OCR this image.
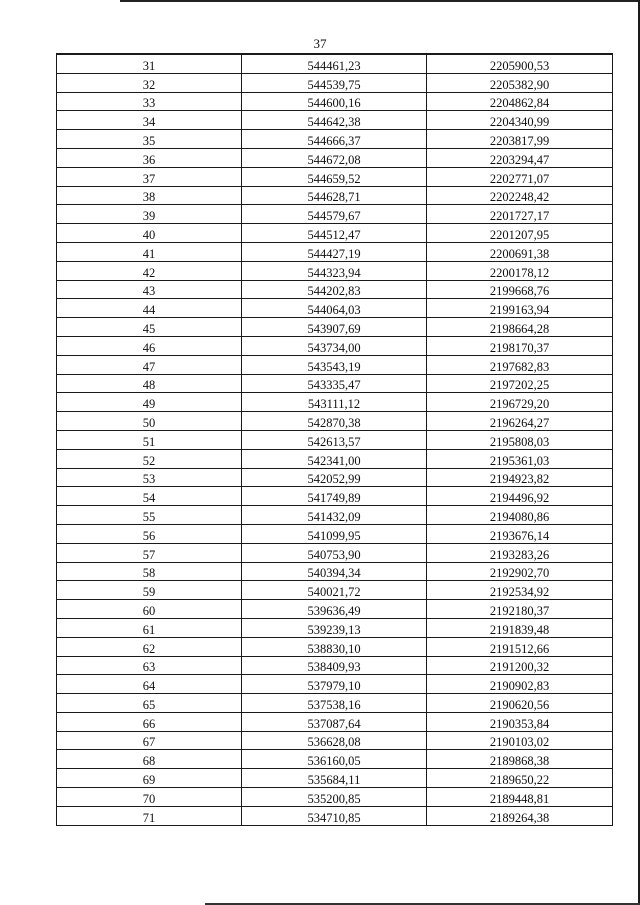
37
31	544461,23	2205900,53
32	544539,75	2205382,90
33	544600,16	2204862,84
34	544642,38	2204340,99
35	544666,37	2203817,99
36	544672,08	2203294,47
37	544659,52	2202771,07
38	544628,71	2202248,42
39	544579,67	2201727,17
40	544512,47	2201207,95
41	544427,19	2200691,38
42	544323,94	2200178,12
43	544202,83	2199668,76
44	544064,03	2199163,94
45	543907,69	2198664,28
46	543734,00	2198170,37
47	543543,19	2197682,83
48	543335,47	2197202,25
49	543111,12	2196729,20
50	542870,38	2196264,27
51	542613,57	2195808,03
52	542341,00	2195361,03
53	542052,99	2194923,82
54	541749,89	2194496,92
55	541432,09	2194080,86
56	541099,95	2193676,14
57	540753,90	2193283,26
58	540394,34	2192902,70
59	540021,72	2192534,92
60	539636,49	2192180,37
61	539239,13	2191839,48
62	538830,10	2191512,66
63	538409,93	2191200,32
64	537979,10	2190902,83
65	537538,16	2190620,56
66	537087,64	2190353,84
67	536628,08	2190103,02
68	536160,05	2189868,38
69	535684,11	2189650,22
70	535200,85	2189448,81
71	534710,85	2189264,38
